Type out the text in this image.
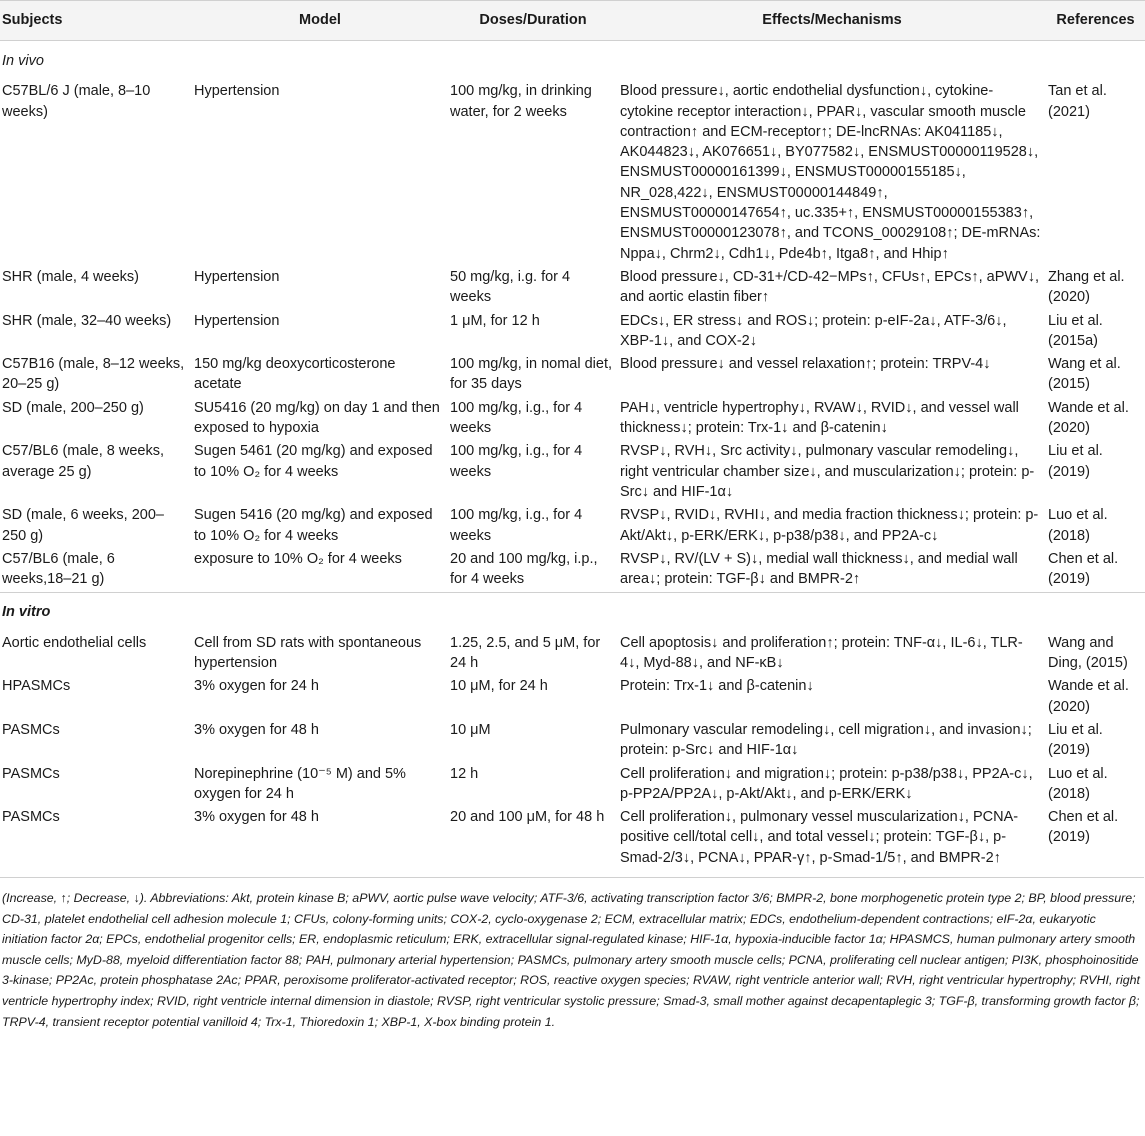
Subjects	Model	Doses/Duration	Effects/Mechanisms	References
In vivo				
C57BL/6 J (male, 8–10 weeks)	Hypertension	100 mg/kg, in drinking water, for 2 weeks	Blood pressure↓, aortic endothelial dysfunction↓, cytokine-cytokine receptor interaction↓, PPAR↓, vascular smooth muscle contraction↑ and ECM-receptor↑; DE-lncRNAs: AK041185↓, AK044823↓, AK076651↓, BY077582↓, ENSMUST00000119528↓, ENSMUST00000161399↓, ENSMUST00000155185↓, NR_028,422↓, ENSMUST00000144849↑, ENSMUST00000147654↑, uc.335+↑, ENSMUST00000155383↑, ENSMUST00000123078↑, and TCONS_00029108↑; DE-mRNAs: Nppa↓, Chrm2↓, Cdh1↓, Pde4b↑, Itga8↑, and Hhip↑	Tan et al. (2021)
SHR (male, 4 weeks)	Hypertension	50 mg/kg, i.g. for 4 weeks	Blood pressure↓, CD-31+/CD-42−MPs↑, CFUs↑, EPCs↑, aPWV↓, and aortic elastin fiber↑	Zhang et al. (2020)
SHR (male, 32–40 weeks)	Hypertension	1 μM, for 12 h	EDCs↓, ER stress↓ and ROS↓; protein: p-eIF-2a↓, ATF-3/6↓, XBP-1↓, and COX-2↓	Liu et al. (2015a)
C57B16 (male, 8–12 weeks, 20–25 g)	150 mg/kg deoxycorticosterone acetate	100 mg/kg, in nomal diet, for 35 days	Blood pressure↓ and vessel relaxation↑; protein: TRPV-4↓	Wang et al. (2015)
SD (male, 200–250 g)	SU5416 (20 mg/kg) on day 1 and then exposed to hypoxia	100 mg/kg, i.g., for 4 weeks	PAH↓, ventricle hypertrophy↓, RVAW↓, RVID↓, and vessel wall thickness↓; protein: Trx-1↓ and β-catenin↓	Wande et al. (2020)
C57/BL6 (male, 8 weeks, average 25 g)	Sugen 5461 (20 mg/kg) and exposed to 10% O₂ for 4 weeks	100 mg/kg, i.g., for 4 weeks	RVSP↓, RVH↓, Src activity↓, pulmonary vascular remodeling↓, right ventricular chamber size↓, and muscularization↓; protein: p-Src↓ and HIF-1α↓	Liu et al. (2019)
SD (male, 6 weeks, 200–250 g)	Sugen 5416 (20 mg/kg) and exposed to 10% O₂ for 4 weeks	100 mg/kg, i.g., for 4 weeks	RVSP↓, RVID↓, RVHI↓, and media fraction thickness↓; protein: p-Akt/Akt↓, p-ERK/ERK↓, p-p38/p38↓, and PP2A-c↓	Luo et al. (2018)
C57/BL6 (male, 6 weeks,18–21 g)	exposure to 10% O₂ for 4 weeks	20 and 100 mg/kg, i.p., for 4 weeks	RVSP↓, RV/(LV + S)↓, medial wall thickness↓, and medial wall area↓; protein: TGF-β↓ and BMPR-2↑	Chen et al. (2019)
In vitro				
Aortic endothelial cells	Cell from SD rats with spontaneous hypertension	1.25, 2.5, and 5 μM, for 24 h	Cell apoptosis↓ and proliferation↑; protein: TNF-α↓, IL-6↓, TLR-4↓, Myd-88↓, and NF-κB↓	Wang and Ding, (2015)
HPASMCs	3% oxygen for 24 h	10 μM, for 24 h	Protein: Trx-1↓ and β-catenin↓	Wande et al. (2020)
PASMCs	3% oxygen for 48 h	10 μM	Pulmonary vascular remodeling↓, cell migration↓, and invasion↓; protein: p-Src↓ and HIF-1α↓	Liu et al. (2019)
PASMCs	Norepinephrine (10⁻⁵ M) and 5% oxygen for 24 h	12 h	Cell proliferation↓ and migration↓; protein: p-p38/p38↓, PP2A-c↓, p-PP2A/PP2A↓, p-Akt/Akt↓, and p-ERK/ERK↓	Luo et al. (2018)
PASMCs	3% oxygen for 48 h	20 and 100 μM, for 48 h	Cell proliferation↓, pulmonary vessel muscularization↓, PCNA-positive cell/total cell↓, and total vessel↓; protein: TGF-β↓, p-Smad-2/3↓, PCNA↓, PPAR-γ↑, p-Smad-1/5↑, and BMPR-2↑	Chen et al. (2019)
(Increase, ↑; Decrease, ↓). Abbreviations: Akt, protein kinase B; aPWV, aortic pulse wave velocity; ATF-3/6, activating transcription factor 3/6; BMPR-2, bone morphogenetic protein type 2; BP, blood pressure; CD-31, platelet endothelial cell adhesion molecule 1; CFUs, colony-forming units; COX-2, cyclo-oxygenase 2; ECM, extracellular matrix; EDCs, endothelium-dependent contractions; eIF-2α, eukaryotic initiation factor 2α; EPCs, endothelial progenitor cells; ER, endoplasmic reticulum; ERK, extracellular signal-regulated kinase; HIF-1α, hypoxia-inducible factor 1α; HPASMCS, human pulmonary artery smooth muscle cells; MyD-88, myeloid differentiation factor 88; PAH, pulmonary arterial hypertension; PASMCs, pulmonary artery smooth muscle cells; PCNA, proliferating cell nuclear antigen; PI3K, phosphoinositide 3-kinase; PP2Ac, protein phosphatase 2Ac; PPAR, peroxisome proliferator-activated receptor; ROS, reactive oxygen species; RVAW, right ventricle anterior wall; RVH, right ventricular hypertrophy; RVHI, right ventricle hypertrophy index; RVID, right ventricle internal dimension in diastole; RVSP, right ventricular systolic pressure; Smad-3, small mother against decapentaplegic 3; TGF-β, transforming growth factor β; TRPV-4, transient receptor potential vanilloid 4; Trx-1, Thioredoxin 1; XBP-1, X-box binding protein 1.
